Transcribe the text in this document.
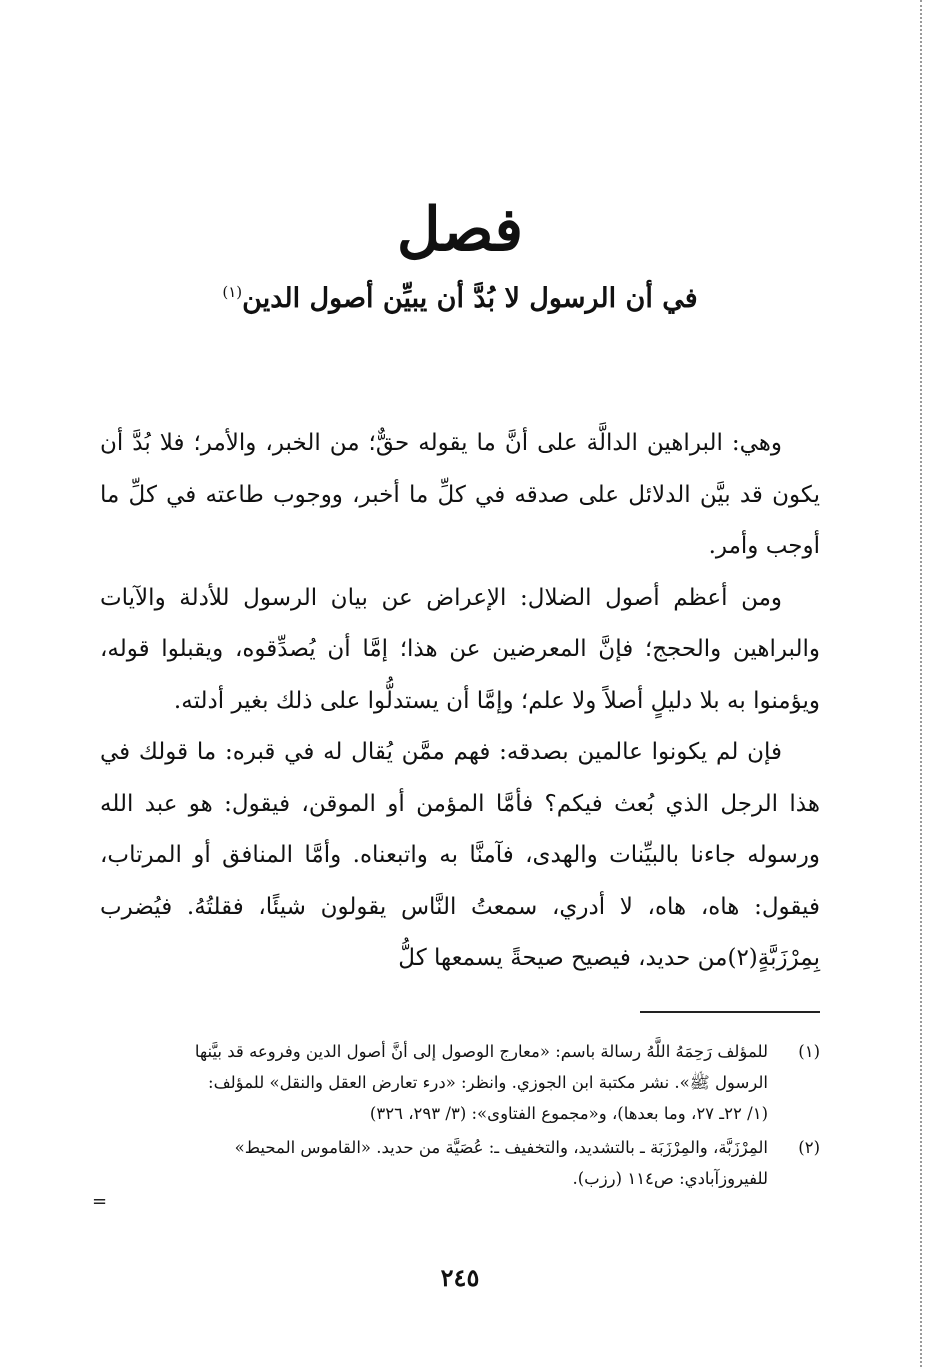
فصل
في أن الرسول لا بُدَّ أن يبيِّن أصول الدين$^{(١)}$

وهي: البراهين الدالَّة على أنَّ ما يقوله حقٌّ؛ من الخبر، والأمر؛ فلا بُدَّ أن يكون قد بيَّن الدلائل على صدقه في كلِّ ما أخبر، ووجوب طاعته في كلِّ ما أوجب وأمر.

ومن أعظم أصول الضلال: الإعراض عن بيان الرسول للأدلة والآيات والبراهين والحجج؛ فإنَّ المعرضين عن هذا؛ إمَّا أن يُصدِّقوه، ويقبلوا قوله، ويؤمنوا به بلا دليلٍ أصلاً ولا علم؛ وإمَّا أن يستدلُّوا على ذلك بغير أدلته.

فإن لم يكونوا عالمين بصدقه: فهم ممَّن يُقال له في قبره: ما قولك في هذا الرجل الذي بُعث فيكم؟ فأمَّا المؤمن أو الموقن، فيقول: هو عبد الله ورسوله جاءنا بالبيِّنات والهدى، فآمنَّا به واتبعناه. وأمَّا المنافق أو المرتاب، فيقول: هاه، هاه، لا أدري، سمعتُ النَّاس يقولون شيئًا، فقلتُهُ. فيُضرب بِمِرْزَبَّةٍ(٢)من حديد، فيصيح صيحةً يسمعها كلُّ

(١)
للمؤلف رَحِمَهُ اللَّهُ رسالة باسم: «معارج الوصول إلى أنَّ أصول الدين وفروعه قد بيَّنها
الرسول ﷺ». نشر مكتبة ابن الجوزي. وانظر: «درء تعارض العقل والنقل» للمؤلف:
(١/ ٢٢ـ ٢٧، وما بعدها)، و«مجموع الفتاوى»: (٣/ ٢٩٣، ٣٢٦)
(٢)
المِرْزَبَّة، والمِرْزَبَة ـ بالتشديد، والتخفيف ـ: عُصَيَّة من حديد. «القاموس المحيط»
للفيروزآبادي: ص١١٤ (رزب).
٢٤٥
=
